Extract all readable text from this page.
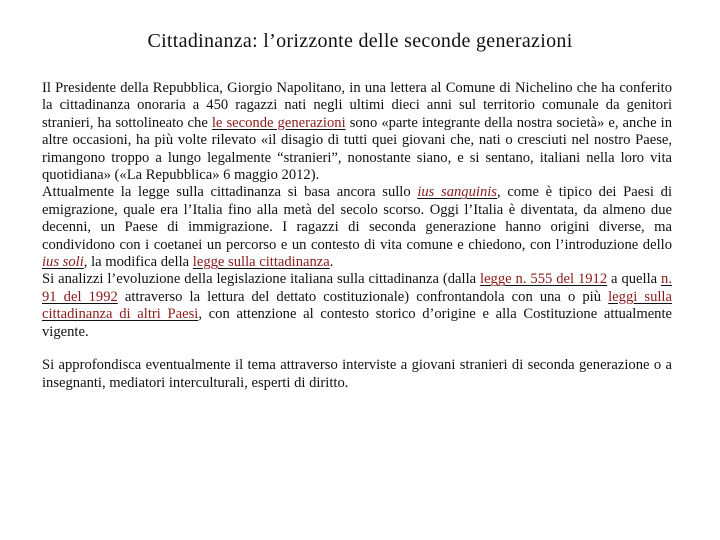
Cittadinanza: l’orizzonte delle seconde generazioni

Il Presidente della Repubblica, Giorgio Napolitano, in una lettera al Comune di Nichelino che ha conferito la cittadinanza onoraria a 450 ragazzi nati negli ultimi dieci anni sul territorio comunale da genitori stranieri, ha sottolineato che le seconde generazioni sono «parte integrante della nostra società» e, anche in altre occasioni, ha più volte rilevato «il disagio di tutti quei giovani che, nati o cresciuti nel nostro Paese, rimangono troppo a lungo legalmente “stranieri”, nonostante siano, e si sentano, italiani nella loro vita quotidiana» («La Repubblica» 6 maggio 2012).

Attualmente la legge sulla cittadinanza si basa ancora sullo ius sanguinis, come è tipico dei Paesi di emigrazione, quale era l’Italia fino alla metà del secolo scorso. Oggi l’Italia è diventata, da almeno due decenni, un Paese di immigrazione. I ragazzi di seconda generazione hanno origini diverse, ma condividono con i coetanei un percorso e un contesto di vita comune e chiedono, con l’introduzione dello ius soli, la modifica della legge sulla cittadinanza.

Si analizzi l’evoluzione della legislazione italiana sulla cittadinanza (dalla legge n. 555 del 1912 a quella n. 91 del 1992 attraverso la lettura del dettato costituzionale) confrontandola con una o più leggi sulla cittadinanza di altri Paesi, con attenzione al contesto storico d’origine e alla Costituzione attualmente vigente.

Si approfondisca eventualmente il tema attraverso interviste a giovani stranieri di seconda generazione o a insegnanti, mediatori interculturali, esperti di diritto.
